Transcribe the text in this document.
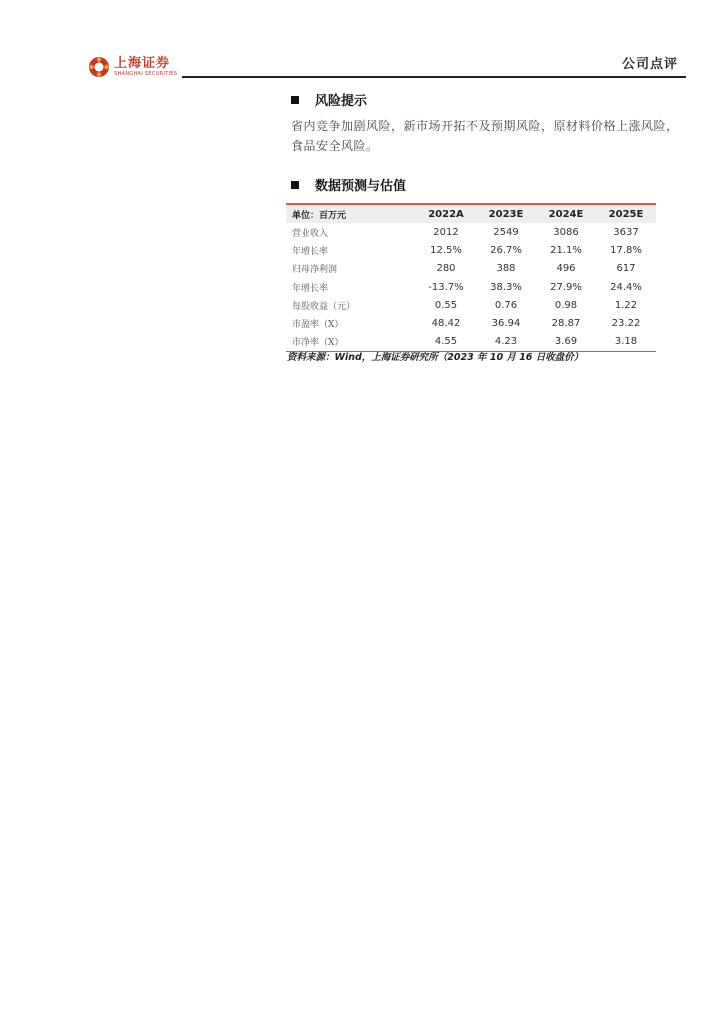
上海证券
SHANGHAI SECURITIES
公司点评
风险提示
省内竞争加剧风险，新市场开拓不及预期风险，原材料价格上涨风险，食品安全风险。
数据预测与估值
单位：百万元	2022A	2023E	2024E	2025E
营业收入	2012	2549	3086	3637
年增长率	12.5%	26.7%	21.1%	17.8%
归母净利润	280	388	496	617
年增长率	-13.7%	38.3%	27.9%	24.4%
每股收益（元）	0.55	0.76	0.98	1.22
市盈率（X）	48.42	36.94	28.87	23.22
市净率（X）	4.55	4.23	3.69	3.18
资料来源：Wind，上海证券研究所（2023 年 10 月 16 日收盘价）
